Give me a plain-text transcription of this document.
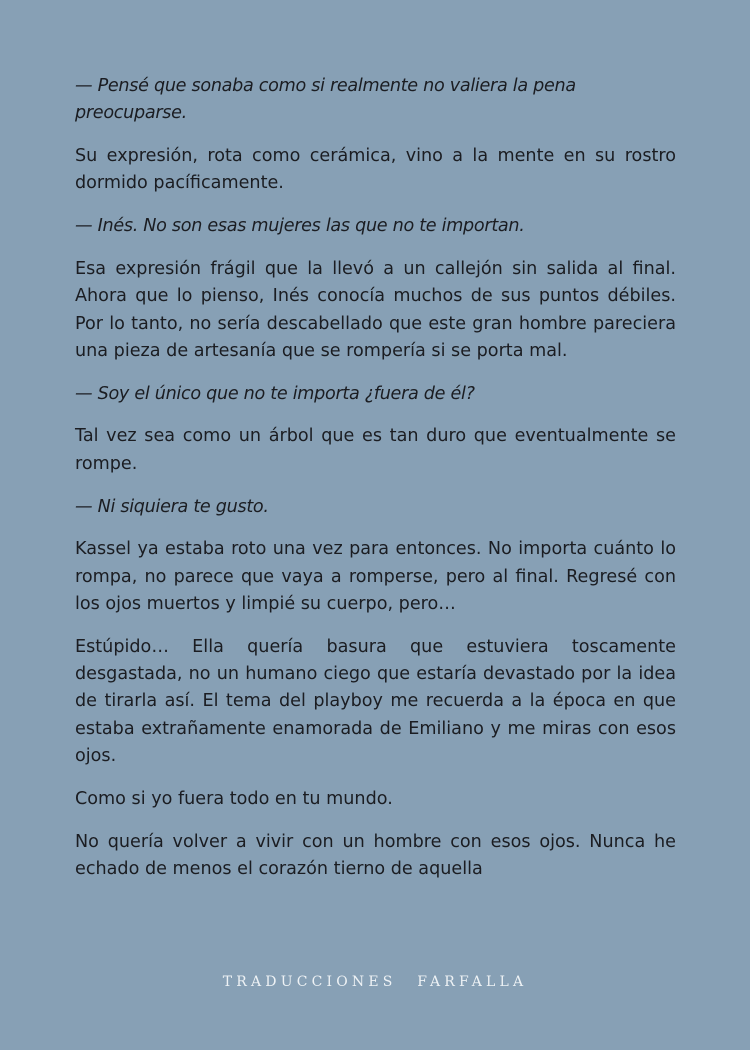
— Pensé que sonaba como si realmente no valiera la pena preocuparse.

Su expresión, rota como cerámica, vino a la mente en su rostro dormido pacíficamente.

— Inés. No son esas mujeres las que no te importan.

Esa expresión frágil que la llevó a un callejón sin salida al final. Ahora que lo pienso, Inés conocía muchos de sus puntos débiles. Por lo tanto, no sería descabellado que este gran hombre pareciera una pieza de artesanía que se rompería si se porta mal.

— Soy el único que no te importa ¿fuera de él?

Tal vez sea como un árbol que es tan duro que eventualmente se rompe.

— Ni siquiera te gusto.

Kassel ya estaba roto una vez para entonces. No importa cuánto lo rompa, no parece que vaya a romperse, pero al final. Regresé con los ojos muertos y limpié su cuerpo, pero…

Estúpido… Ella quería basura que estuviera toscamente desgastada, no un humano ciego que estaría devastado por la idea de tirarla así. El tema del playboy me recuerda a la época en que estaba extrañamente enamorada de Emiliano y me miras con esos ojos.

Como si yo fuera todo en tu mundo.

No quería volver a vivir con un hombre con esos ojos. Nunca he echado de menos el corazón tierno de aquella

TRADUCCIONES FARFALLA
